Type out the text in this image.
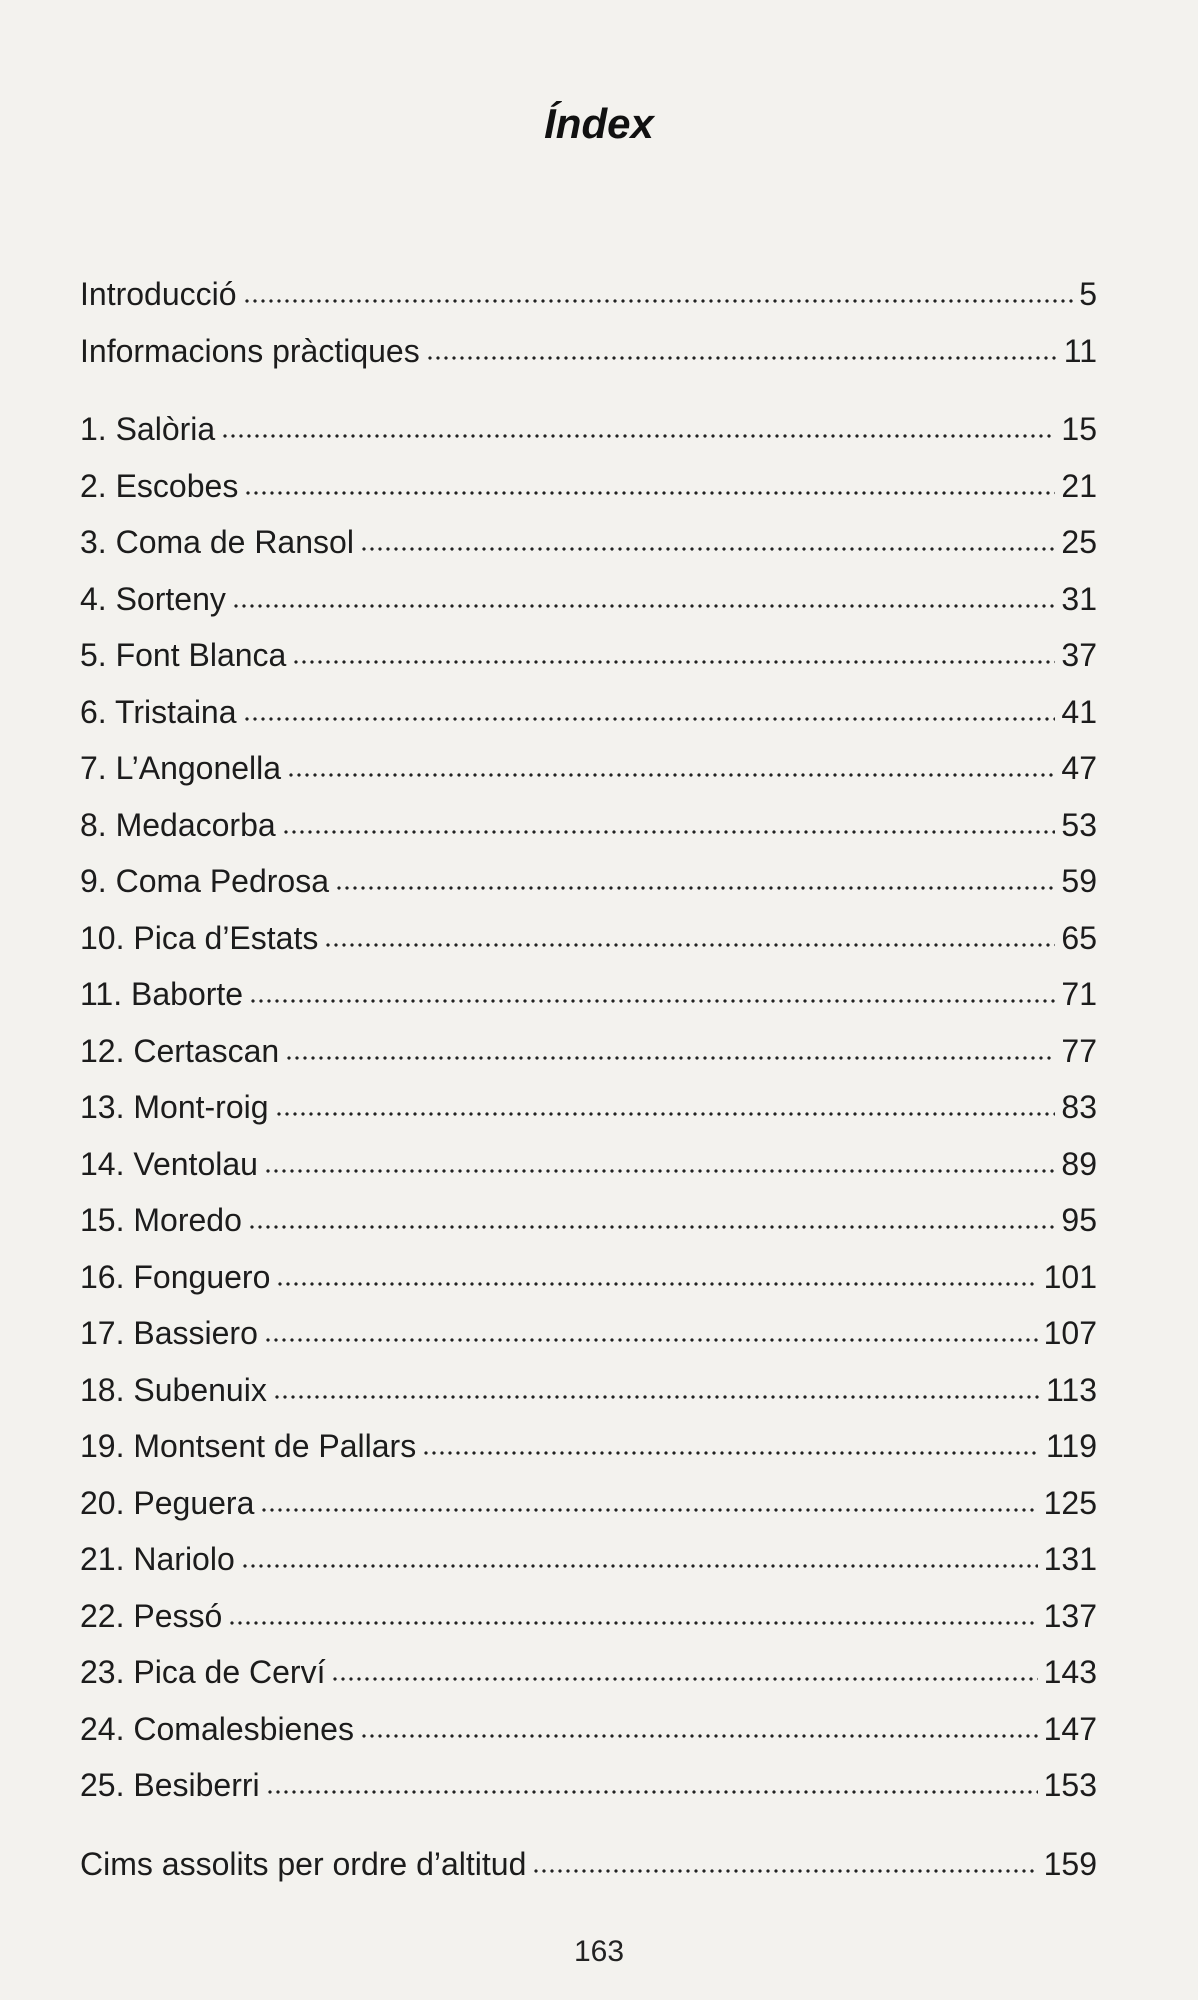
Índex
Introducció	5
Informacions pràctiques	11
1. Salòria	15
2. Escobes	21
3. Coma de Ransol	25
4. Sorteny	31
5. Font Blanca	37
6. Tristaina	41
7. L’Angonella	47
8. Medacorba	53
9. Coma Pedrosa	59
10. Pica d’Estats	65
11. Baborte	71
12. Certascan	77
13. Mont-roig	83
14. Ventolau	89
15. Moredo	95
16. Fonguero	101
17. Bassiero	107
18. Subenuix	113
19. Montsent de Pallars	119
20. Peguera	125
21. Nariolo	131
22. Pessó	137
23. Pica de Cerví	143
24. Comalesbienes	147
25. Besiberri	153
Cims assolits per ordre d’altitud	159
163
